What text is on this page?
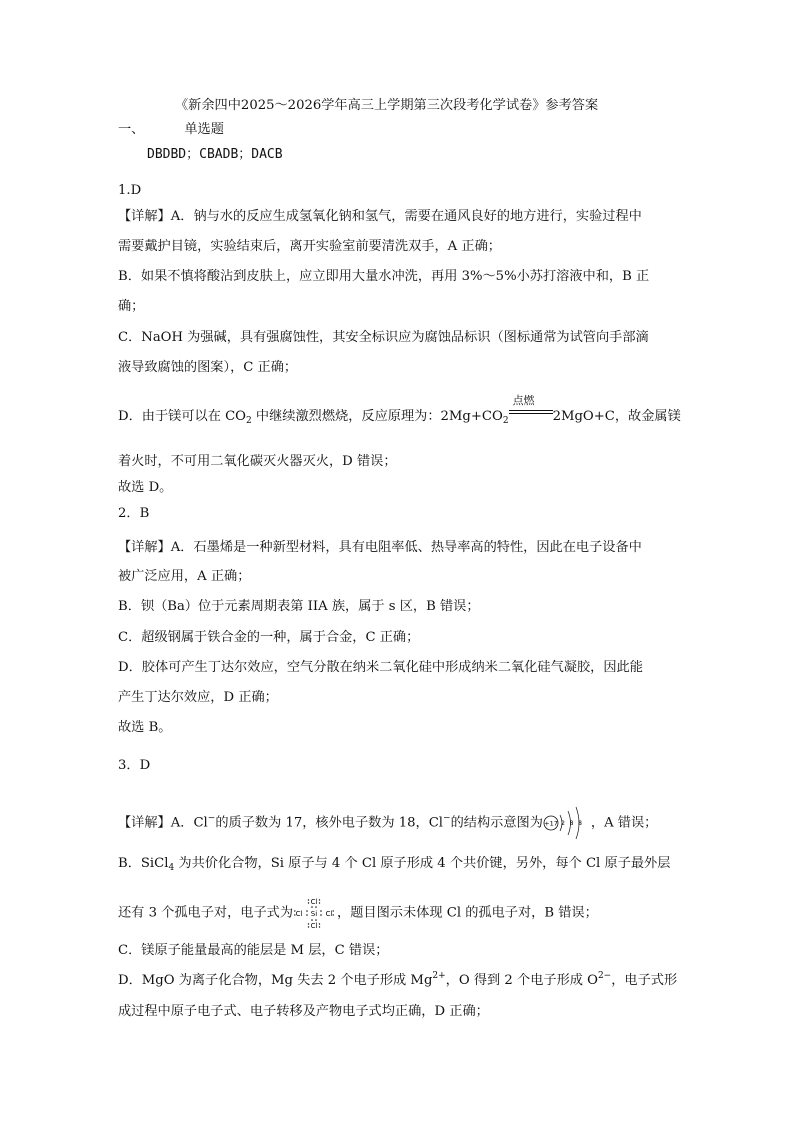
《新余四中2025～2026学年高三上学期第三次段考化学试卷》参考答案
一、	单选题
DBDBD；CBADB；DACB
1.D
【详解】A．钠与水的反应生成氢氧化钠和氢气，需要在通风良好的地方进行，实验过程中
需要戴护目镜，实验结束后，离开实验室前要清洗双手，A 正确；
B．如果不慎将酸沾到皮肤上，应立即用大量水冲洗，再用 3%～5%小苏打溶液中和，B 正
确；
C．NaOH 为强碱，具有强腐蚀性，其安全标识应为腐蚀品标识（图标通常为试管向手部滴
液导致腐蚀的图案），C 正确；
D．由于镁可以在 $CO_2$ 中继续激烈燃烧，反应原理为：$2Mg+CO_2$
点燃
2MgO+C，故金属镁
着火时，不可用二氧化碳灭火器灭火，D 错误；
故选 D。
2．B
【详解】A．石墨烯是一种新型材料，具有电阻率低、热导率高的特性，因此在电子设备中
被广泛应用，A 正确；
B．钡（Ba）位于元素周期表第 IIA 族，属于 s 区，B 错误；
C．超级钢属于铁合金的一种，属于合金，C 正确；
D．胶体可产生丁达尔效应，空气分散在纳米二氧化硅中形成纳米二氧化硅气凝胶，因此能
产生丁达尔效应，D 正确；
故选 B。
3．D
【详解】A．Cl−的质子数为 17，核外电子数为 18，Cl−的结构示意图为 +17 2 8 8 ，A 错误；
B．SiCl$_4$ 为共价化合物，Si 原子与 4 个 Cl 原子形成 4 个共价键，另外，每个 Cl 原子最外层
还有 3 个孤电子对，电子式为
Cl
Cl Si Cl
Cl
，题目图示未体现 Cl 的孤电子对，B 错误；
C．镁原子能量最高的能层是 M 层，C 错误；
D．MgO 为离子化合物，Mg 失去 2 个电子形成 $Mg^{2+}$，O 得到 2 个电子形成 $O^{2-}$，电子式形
成过程中原子电子式、电子转移及产物电子式均正确，D 正确；
